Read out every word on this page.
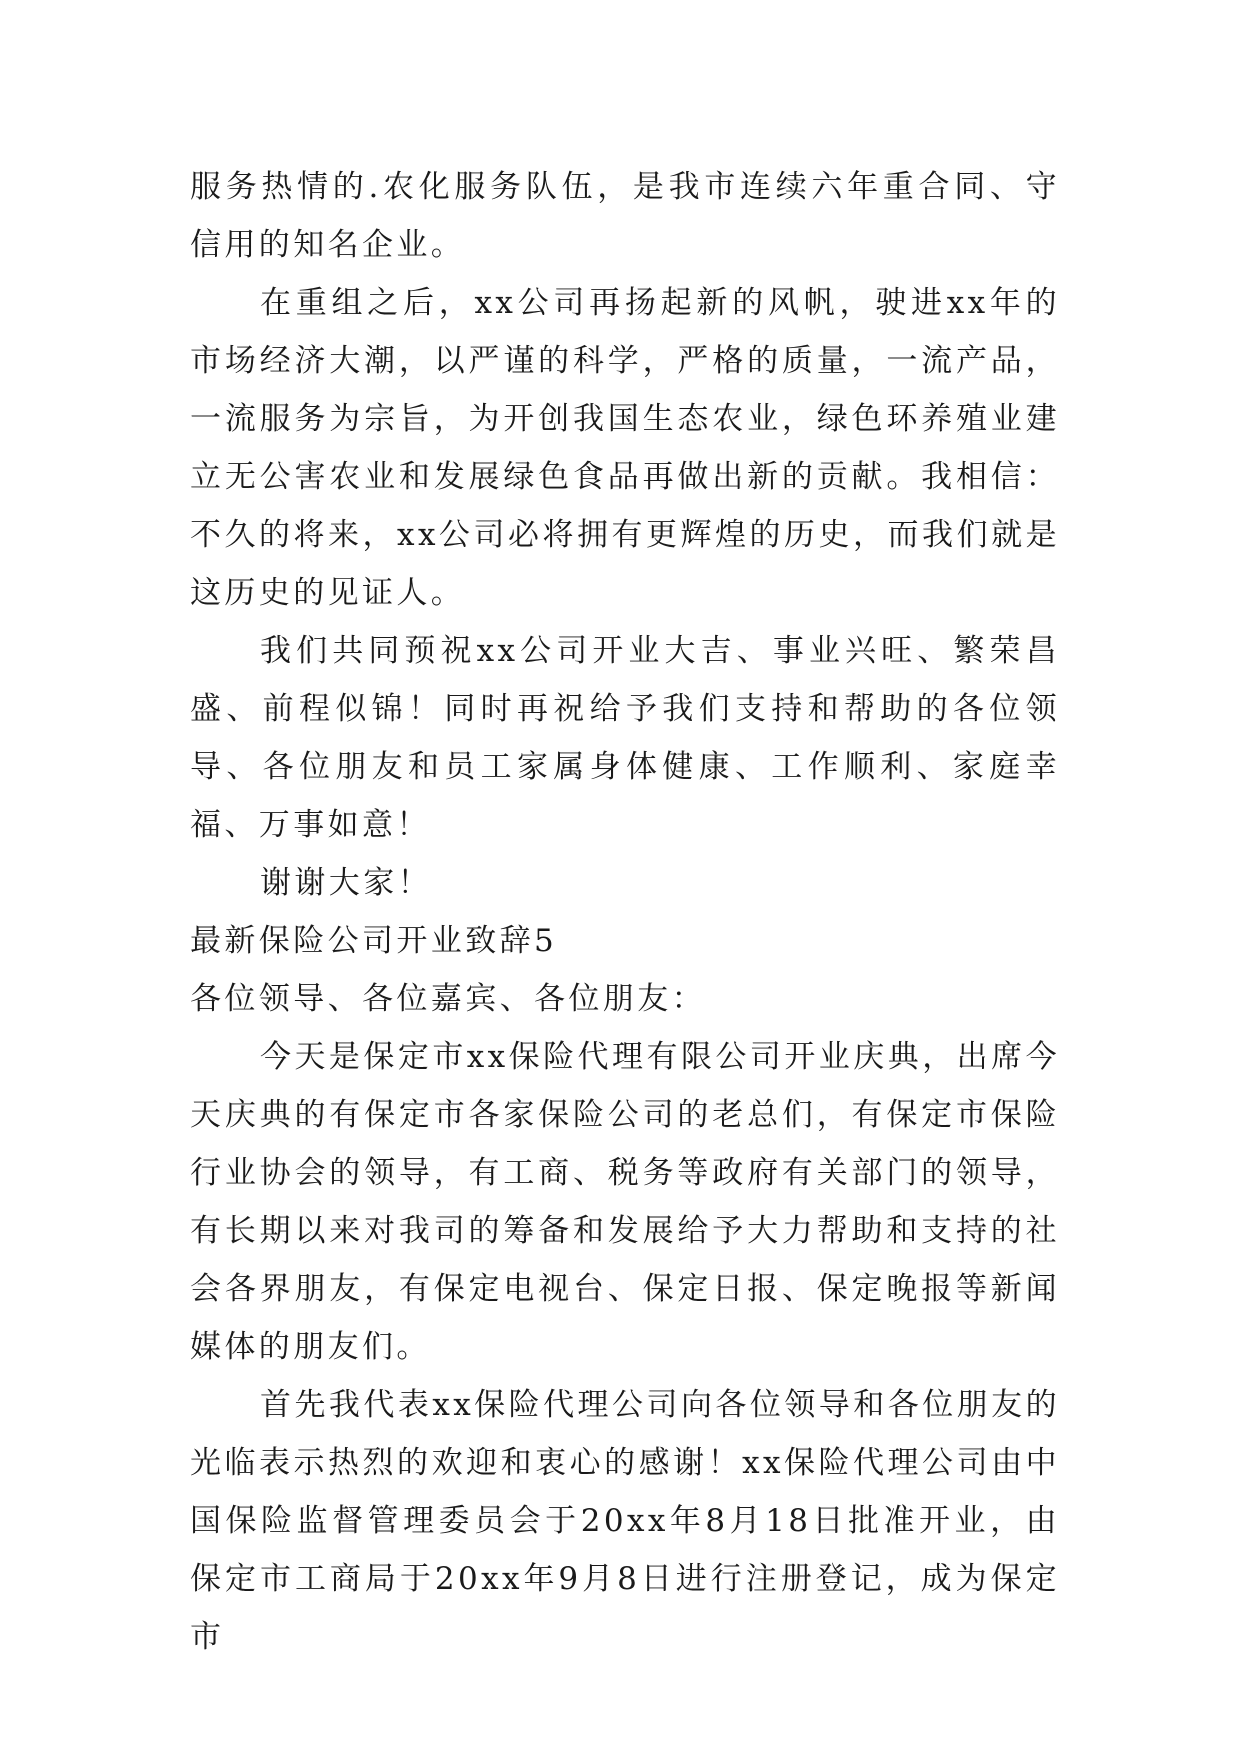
服务热情的.农化服务队伍，是我市连续六年重合同、守信用的知名企业。

在重组之后，xx公司再扬起新的风帆，驶进xx年的市场经济大潮，以严谨的科学，严格的质量，一流产品，一流服务为宗旨，为开创我国生态农业，绿色环养殖业建立无公害农业和发展绿色食品再做出新的贡献。我相信：不久的将来，xx公司必将拥有更辉煌的历史，而我们就是这历史的见证人。

我们共同预祝xx公司开业大吉、事业兴旺、繁荣昌盛、前程似锦！同时再祝给予我们支持和帮助的各位领导、各位朋友和员工家属身体健康、工作顺利、家庭幸福、万事如意！

谢谢大家！

最新保险公司开业致辞5

各位领导、各位嘉宾、各位朋友：

今天是保定市xx保险代理有限公司开业庆典，出席今天庆典的有保定市各家保险公司的老总们，有保定市保险行业协会的领导，有工商、税务等政府有关部门的领导，有长期以来对我司的筹备和发展给予大力帮助和支持的社会各界朋友，有保定电视台、保定日报、保定晚报等新闻媒体的朋友们。

首先我代表xx保险代理公司向各位领导和各位朋友的光临表示热烈的欢迎和衷心的感谢！xx保险代理公司由中国保险监督管理委员会于20xx年8月18日批准开业，由保定市工商局于20xx年9月8日进行注册登记，成为保定市
